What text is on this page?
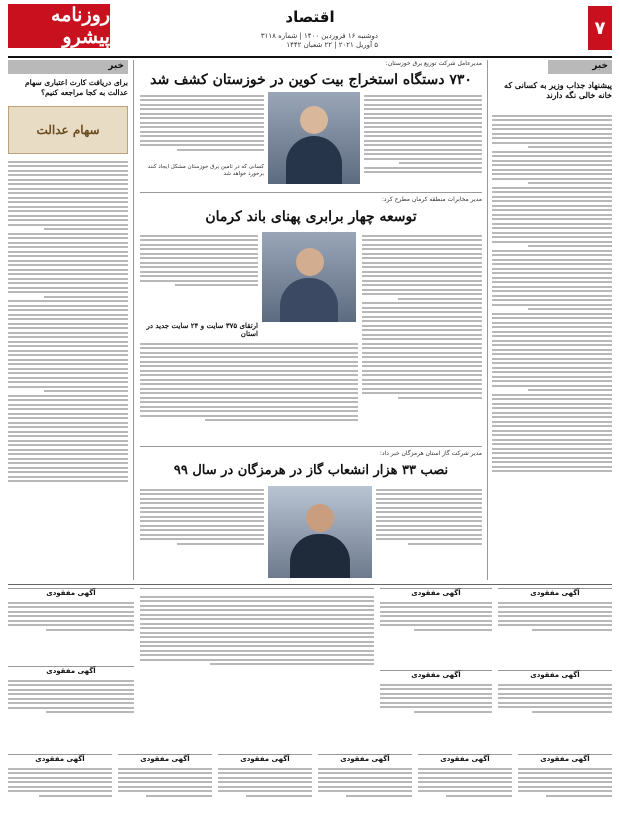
۷
روزنامه پیشرو
اقتصاد
دوشنبه ۱۶ فروردین ۱۴۰۰ | شماره ۳۱۱۸
۵ آوریل ۲۰۲۱ | ۲۲ شعبان ۱۴۴۲
خبر
پیشنهاد جذاب وزیر به کسانی که خانه خالی نگه دارند
مدیرعامل شرکت توزیع برق خوزستان:
۷۳۰ دستگاه استخراج بیت کوین در خوزستان کشف شد
کسانی که در تامین برق خوزستان مشکل ایجاد کنند برخورد خواهد شد
مدیر مخابرات منطقه کرمان مطرح کرد:
توسعه چهار برابری پهنای باند کرمان
ارتقای ۳۷۵ سایت و ۲۴ سایت جدید در استان
مدیر شرکت گاز استان هرمزگان خبر داد:
نصب ۳۳ هزار انشعاب گاز در هرمزگان در سال ۹۹
خبر
برای دریافت کارت اعتباری سهام عدالت به کجا مراجعه کنیم؟
سهام عدالت
آگهی مفقودی
آگهی مفقودی
آگهی مفقودی
آگهی مفقودی
آگهی مفقودی
آگهی مفقودی
آگهی مفقودی
آگهی مفقودی
آگهی مفقودی
آگهی مفقودی
آگهی مفقودی
آگهی مفقودی
